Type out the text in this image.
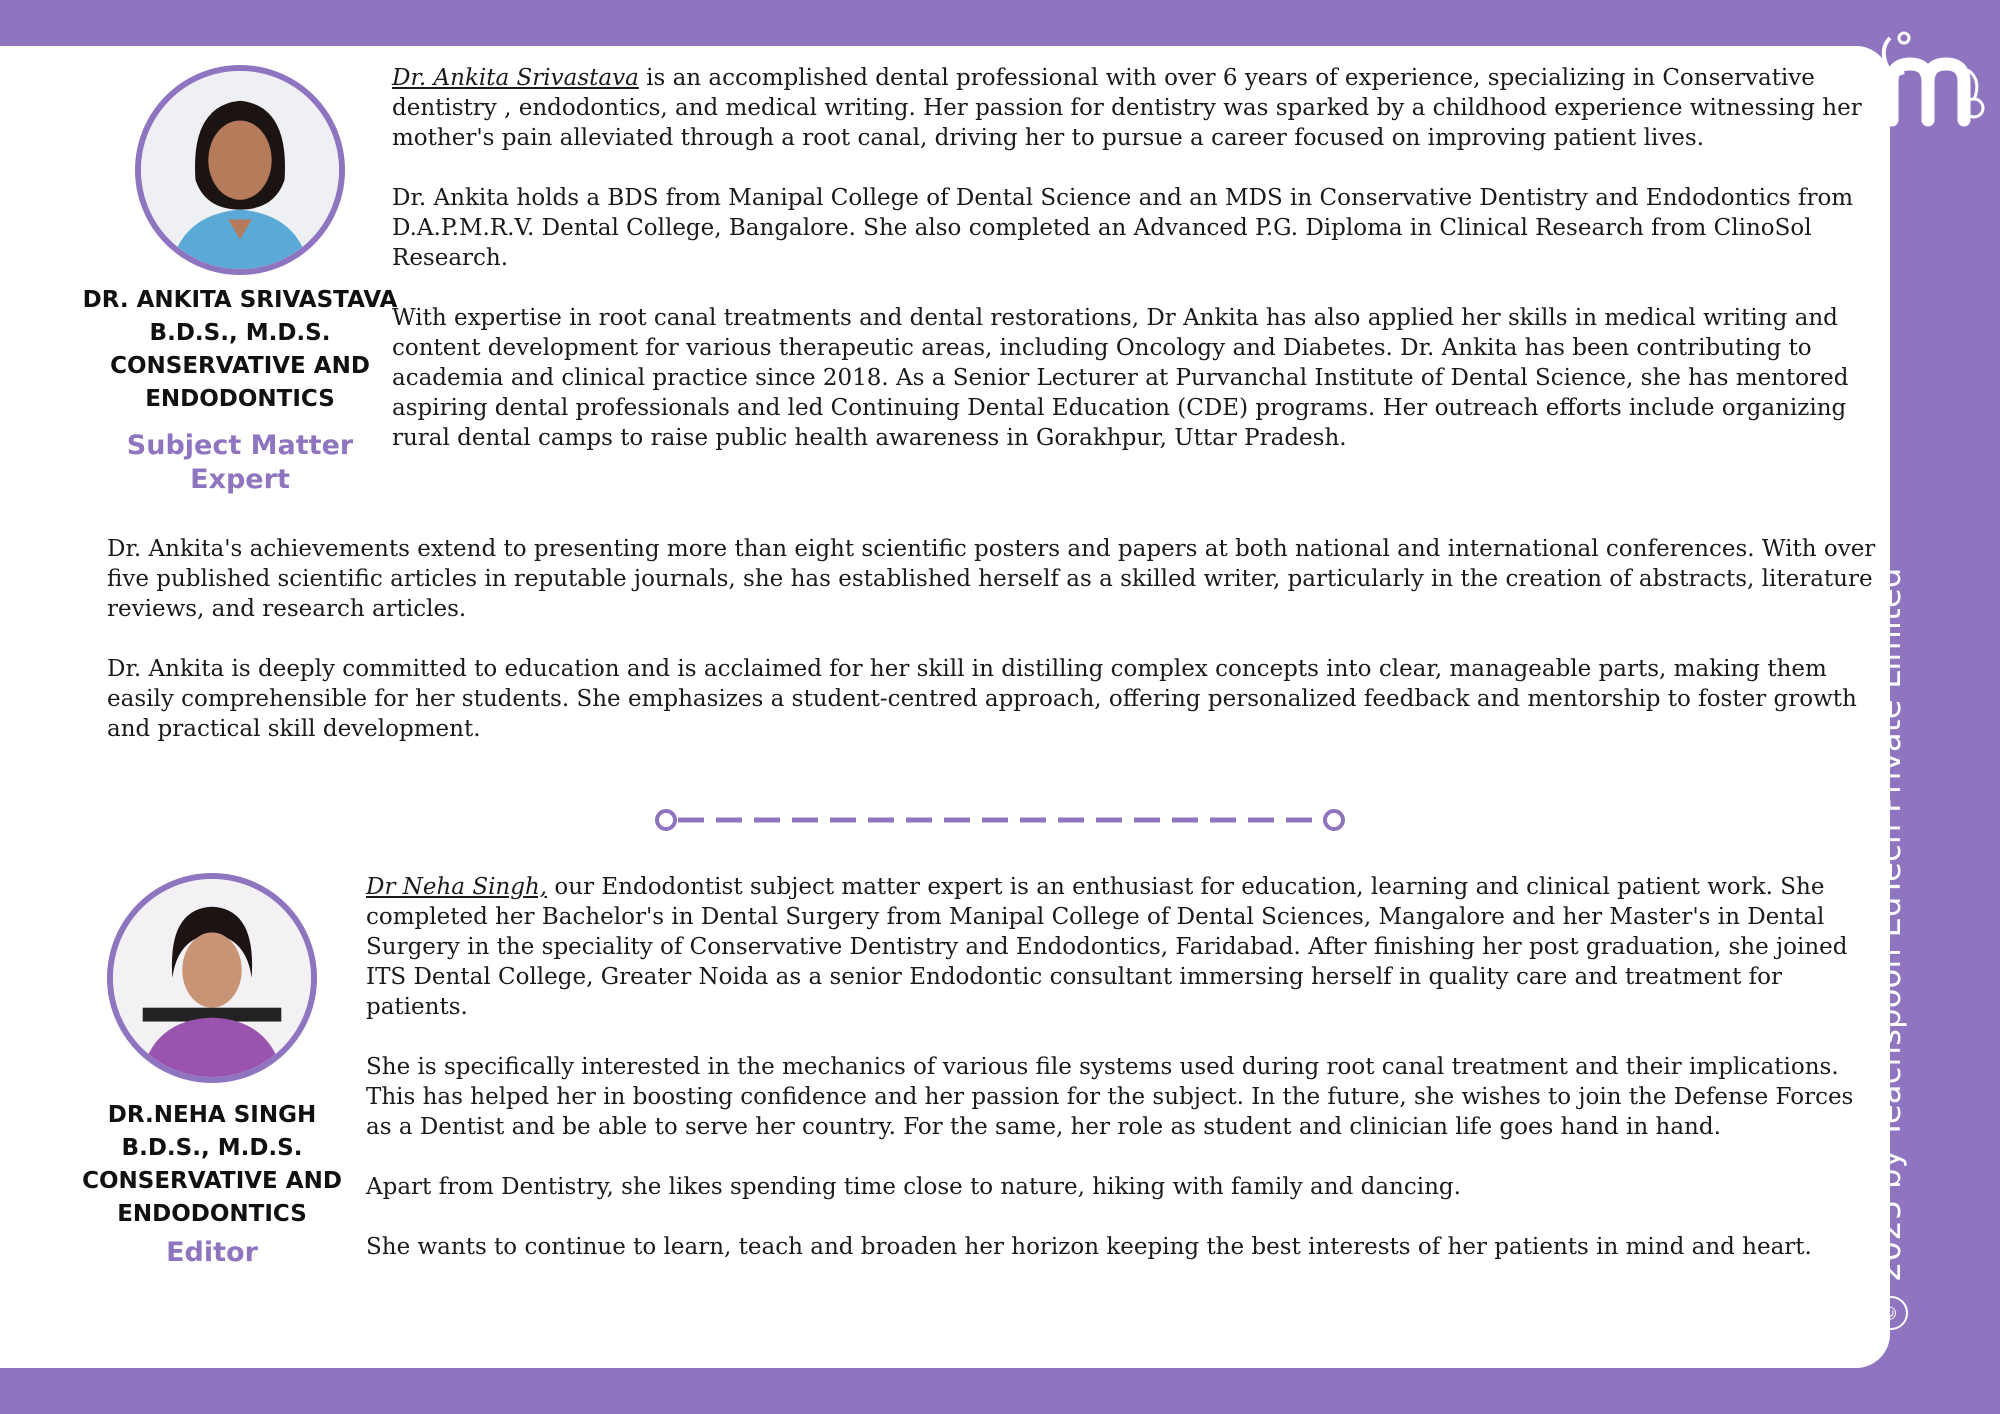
©2025 by Teachspoon EdTech Private Limited
DR. ANKITA SRIVASTAVA
B.D.S., M.D.S.
CONSERVATIVE AND
ENDODONTICS
Subject Matter
Expert

Dr. Ankita Srivastava is an accomplished dental professional with over 6 years of experience, specializing in Conservative dentistry , endodontics, and medical writing. Her passion for dentistry was sparked by a childhood experience witnessing her mother's pain alleviated through a root canal, driving her to pursue a career focused on improving patient lives.

Dr. Ankita holds a BDS from Manipal College of Dental Science and an MDS in Conservative Dentistry and Endodontics from D.A.P.M.R.V. Dental College, Bangalore. She also completed an Advanced P.G. Diploma in Clinical Research from ClinoSol Research.

With expertise in root canal treatments and dental restorations, Dr Ankita has also applied her skills in medical writing and content development for various therapeutic areas, including Oncology and Diabetes. Dr. Ankita has been contributing to academia and clinical practice since 2018. As a Senior Lecturer at Purvanchal Institute of Dental Science, she has mentored aspiring dental professionals and led Continuing Dental Education (CDE) programs. Her outreach efforts include organizing rural dental camps to raise public health awareness in Gorakhpur, Uttar Pradesh.

Dr. Ankita's achievements extend to presenting more than eight scientific posters and papers at both national and international conferences. With over five published scientific articles in reputable journals, she has established herself as a skilled writer, particularly in the creation of abstracts, literature reviews, and research articles.

Dr. Ankita is deeply committed to education and is acclaimed for her skill in distilling complex concepts into clear, manageable parts, making them easily comprehensible for her students. She emphasizes a student-centred approach, offering personalized feedback and mentorship to foster growth and practical skill development.

DR.NEHA SINGH
B.D.S., M.D.S.
CONSERVATIVE AND
ENDODONTICS
Editor

Dr Neha Singh, our Endodontist subject matter expert is an enthusiast for education, learning and clinical patient work. She completed her Bachelor's in Dental Surgery from Manipal College of Dental Sciences, Mangalore and her Master's in Dental Surgery in the speciality of Conservative Dentistry and Endodontics, Faridabad. After finishing her post graduation, she joined ITS Dental College, Greater Noida as a senior Endodontic consultant immersing herself in quality care and treatment for patients.

She is specifically interested in the mechanics of various file systems used during root canal treatment and their implications. This has helped her in boosting confidence and her passion for the subject. In the future, she wishes to join the Defense Forces as a Dentist and be able to serve her country. For the same, her role as student and clinician life goes hand in hand.

Apart from Dentistry, she likes spending time close to nature, hiking with family and dancing.

She wants to continue to learn, teach and broaden her horizon keeping the best interests of her patients in mind and heart.
